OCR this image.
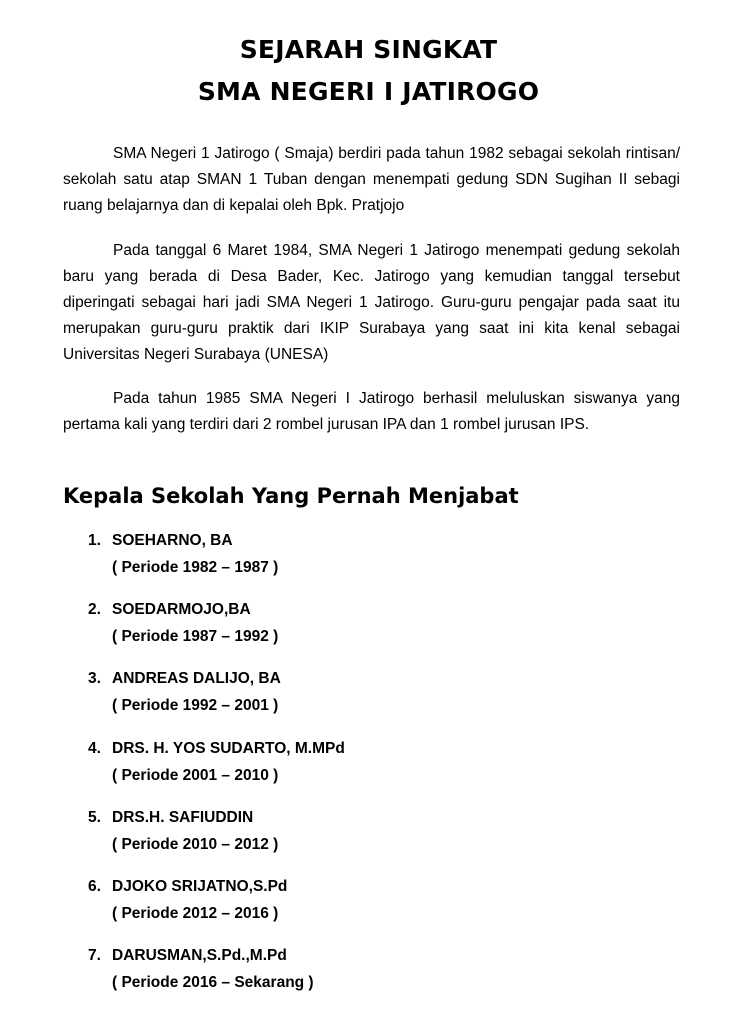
SEJARAH SINGKAT
SMA NEGERI I JATIROGO

SMA Negeri 1 Jatirogo ( Smaja) berdiri pada tahun 1982 sebagai sekolah rintisan/ sekolah satu atap SMAN 1 Tuban dengan menempati gedung SDN Sugihan II sebagi ruang belajarnya dan di kepalai oleh Bpk. Pratjojo

Pada tanggal 6 Maret 1984, SMA Negeri 1 Jatirogo menempati gedung sekolah baru yang berada di Desa Bader, Kec. Jatirogo yang kemudian tanggal tersebut diperingati sebagai hari jadi SMA Negeri 1 Jatirogo. Guru-guru pengajar pada saat itu merupakan guru-guru praktik dari IKIP Surabaya yang saat ini kita kenal sebagai Universitas Negeri Surabaya (UNESA)

Pada tahun 1985 SMA Negeri I Jatirogo berhasil meluluskan siswanya yang pertama kali yang terdiri dari 2 rombel jurusan IPA dan 1 rombel jurusan IPS.

Kepala Sekolah Yang Pernah Menjabat
1. SOEHARNO, BA
( Periode 1982 – 1987 )
2. SOEDARMOJO,BA
( Periode 1987 – 1992 )
3. ANDREAS DALIJO, BA
( Periode 1992 – 2001 )
4. DRS. H. YOS SUDARTO, M.MPd
( Periode 2001 – 2010 )
5. DRS.H. SAFIUDDIN
( Periode 2010 – 2012 )
6. DJOKO SRIJATNO,S.Pd
( Periode 2012 – 2016 )
7. DARUSMAN,S.Pd.,M.Pd
( Periode 2016 – Sekarang )
